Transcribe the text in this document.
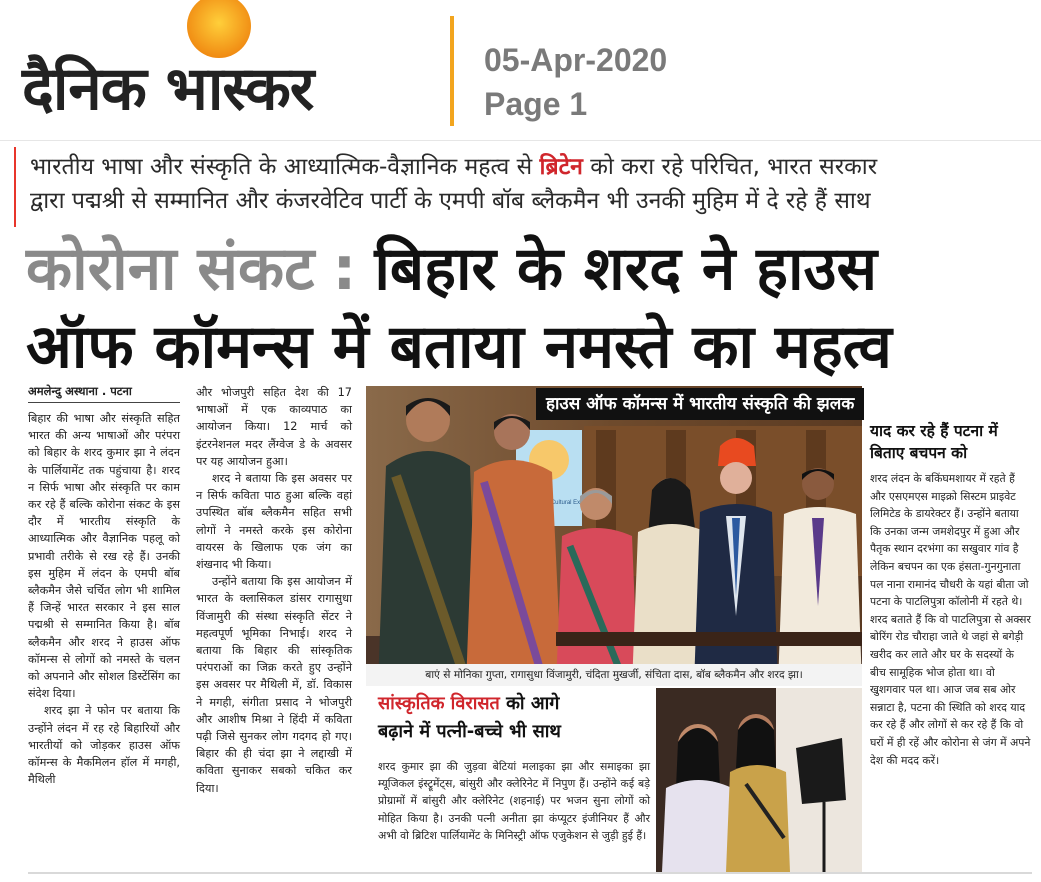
दैनिक भास्कर	05-Apr-2020
Page 1
भारतीय भाषा और संस्कृति के आध्यात्मिक-वैज्ञानिक महत्व से ब्रिटेन को करा रहे परिचित, भारत सरकार
द्वारा पद्मश्री से सम्मानित और कंजरवेटिव पार्टी के एमपी बॉब ब्लैकमैन भी उनकी मुहिम में दे रहे हैं साथ
कोरोना संकट : बिहार के शरद ने हाउस
ऑफ कॉमन्स में बताया नमस्ते का महत्व
अमलेन्दु अस्थाना . पटना

बिहार की भाषा और संस्कृति सहित भारत की अन्य भाषाओं और परंपरा को बिहार के शरद कुमार झा ने लंदन के पार्लियामेंट तक पहुंचाया है। शरद न सिर्फ भाषा और संस्कृति पर काम कर रहे हैं बल्कि कोरोना संकट के इस दौर में भारतीय संस्कृति के आध्यात्मिक और वैज्ञानिक पहलू को प्रभावी तरीके से रख रहे हैं। उनकी इस मुहिम में लंदन के एमपी बॉब ब्लैकमैन जैसे चर्चित लोग भी शामिल हैं जिन्हें भारत सरकार ने इस साल पद्मश्री से सम्मानित किया है। बॉब ब्लैकमैन और शरद ने हाउस ऑफ कॉमन्स से लोगों को नमस्ते के चलन को अपनाने और सोशल डिस्टेंसिंग का संदेश दिया।

शरद झा ने फोन पर बताया कि उन्होंने लंदन में रह रहे बिहारियों और भारतीयों को जोड़कर हाउस ऑफ कॉमन्स के मैकमिलन हॉल में मगही, मैथिली

और भोजपुरी सहित देश की 17 भाषाओं में एक काव्यपाठ का आयोजन किया। 12 मार्च को इंटरनेशनल मदर लैंग्वेज डे के अवसर पर यह आयोजन हुआ।

शरद ने बताया कि इस अवसर पर न सिर्फ कविता पाठ हुआ बल्कि वहां उपस्थित बॉब ब्लैकमैन सहित सभी लोगों ने नमस्ते करके इस कोरोना वायरस के खिलाफ एक जंग का शंखनाद भी किया।

उन्होंने बताया कि इस आयोजन में भारत के क्लासिकल डांसर रागासुधा विंजामुरी की संस्था संस्कृति सेंटर ने महत्वपूर्ण भूमिका निभाई। शरद ने बताया कि बिहार की सांस्कृतिक परंपराओं का जिक्र करते हुए उन्होंने इस अवसर पर मैथिली में, डॉ. विकास ने मगही, संगीता प्रसाद ने भोजपुरी और आशीष मिश्रा ने हिंदी में कविता पढ़ी जिसे सुनकर लोग गदगद हो गए। बिहार की ही चंदा झा ने लद्दाखी में कविता सुनाकर सबको चकित कर दिया।

Cultural
हाउस ऑफ कॉमन्स में भारतीय संस्कृति की झलक
बाएं से मोनिका गुप्ता, रागासुधा विंजामुरी, चंदिता मुखर्जी, संचिता दास, बॉब ब्लैकमैन और शरद झा।
याद कर रहे हैं पटना में बिताए बचपन को
शरद लंदन के बकिंघमशायर में रहते हैं और एसएमएस माइक्रो सिस्टम प्राइवेट लिमिटेड के डायरेक्टर हैं। उन्होंने बताया कि उनका जन्म जमशेदपुर में हुआ और पैतृक स्थान दरभंगा का सखुवार गांव है लेकिन बचपन का एक हंसता-गुनगुनाता पल नाना रामानंद चौधरी के यहां बीता जो पटना के पाटलिपुत्रा कॉलोनी में रहते थे। शरद बताते हैं कि वो पाटलिपुत्रा से अक्सर बोरिंग रोड चौराहा जाते थे जहां से बगेड़ी खरीद कर लाते और घर के सदस्यों के बीच सामूहिक भोज होता था। वो खुशगवार पल था। आज जब सब ओर सन्नाटा है, पटना की स्थिति को शरद याद कर रहे हैं और लोगों से कर रहे हैं कि वो घरों में ही रहें और कोरोना से जंग में अपने देश की मदद करें।
सांस्कृतिक विरासत को आगे
बढ़ाने में पत्नी-बच्चे भी साथ
शरद कुमार झा की जुड़वा बेटियां मलाइका झा और समाइका झा म्यूजिकल इंस्ट्रूमेंट्स, बांसुरी और क्लेरिनेट में निपुण हैं। उन्होंने कई बड़े प्रोग्रामों में बांसुरी और क्लेरिनेट (शहनाई) पर भजन सुना लोगों को मोहित किया है। उनकी पत्नी अनीता झा कंप्यूटर इंजीनियर हैं और अभी वो ब्रिटिश पार्लियामेंट के मिनिस्ट्री ऑफ एजुकेशन से जुड़ी हुई हैं।
